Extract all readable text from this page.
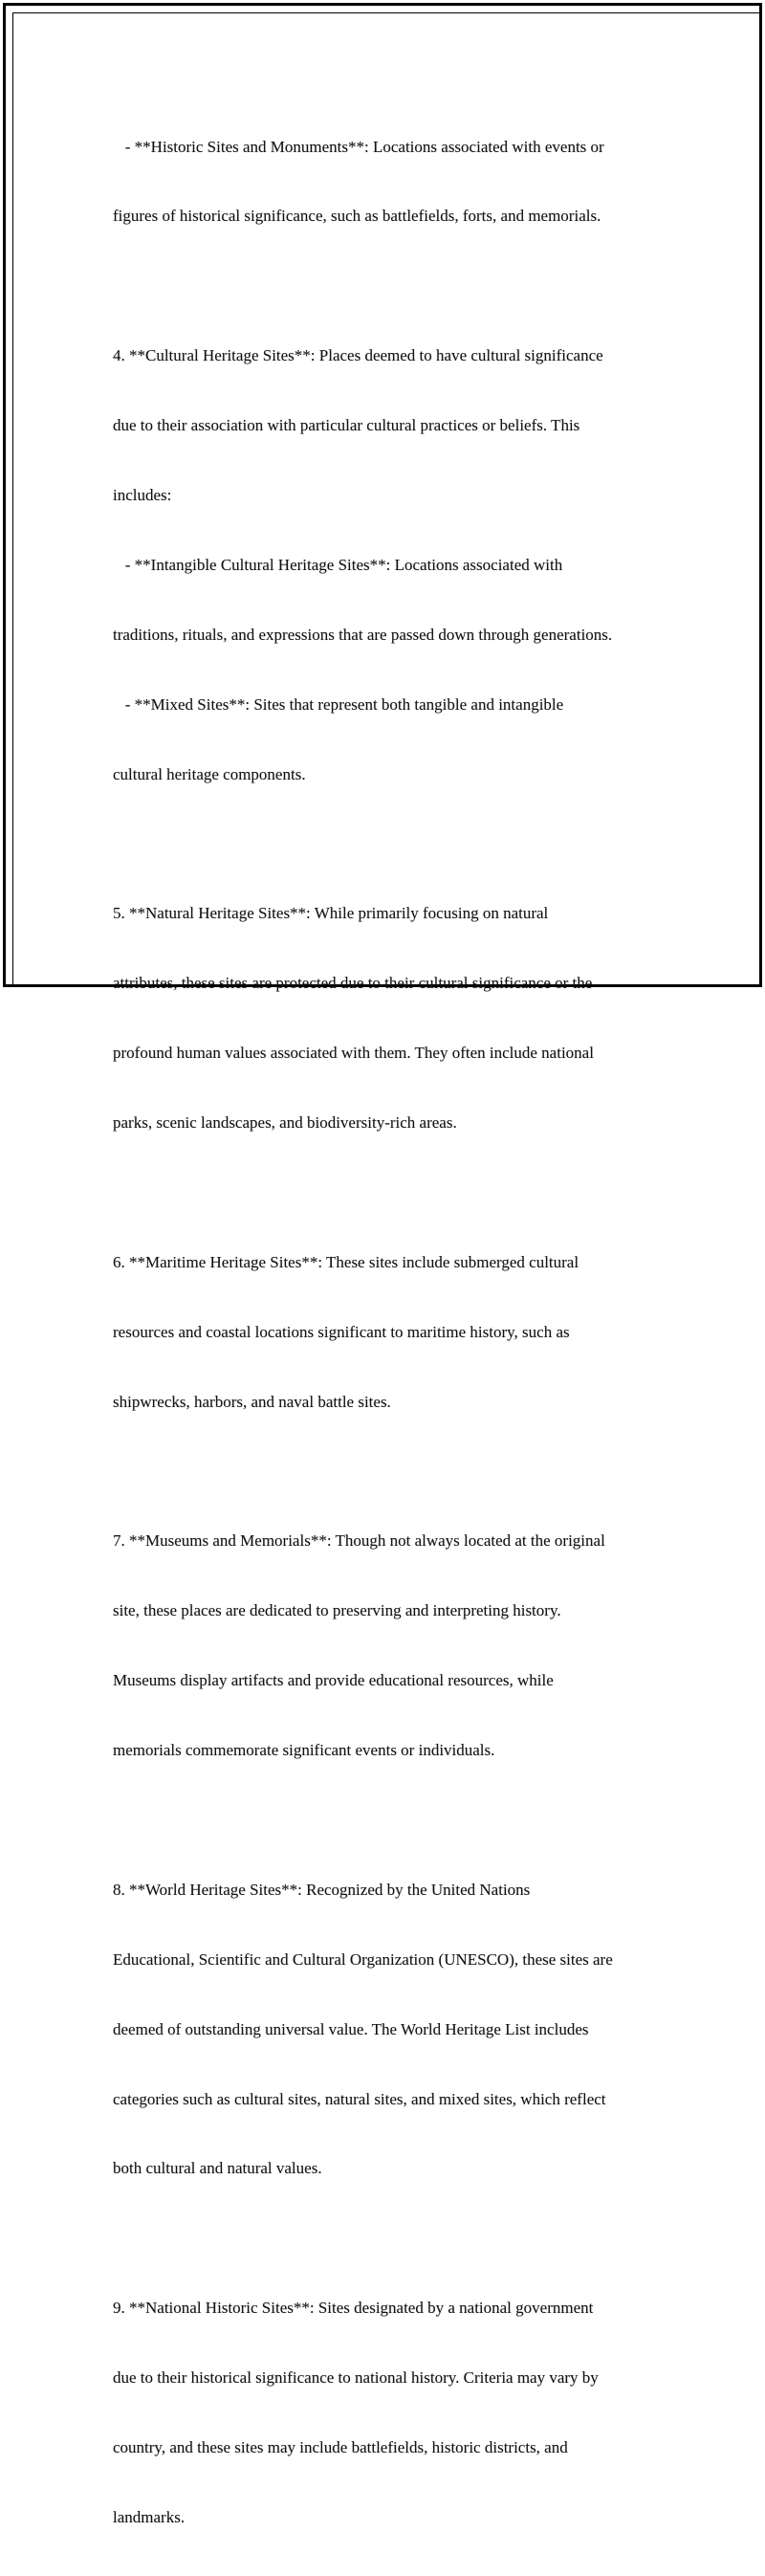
- **Historic Sites and Monuments**: Locations associated with events or

figures of historical significance, such as battlefields, forts, and memorials.

4. **Cultural Heritage Sites**: Places deemed to have cultural significance

due to their association with particular cultural practices or beliefs. This

includes:

- **Intangible Cultural Heritage Sites**: Locations associated with

traditions, rituals, and expressions that are passed down through generations.

- **Mixed Sites**: Sites that represent both tangible and intangible

cultural heritage components.

5. **Natural Heritage Sites**: While primarily focusing on natural

attributes, these sites are protected due to their cultural significance or the

profound human values associated with them. They often include national

parks, scenic landscapes, and biodiversity-rich areas.

6. **Maritime Heritage Sites**: These sites include submerged cultural

resources and coastal locations significant to maritime history, such as

shipwrecks, harbors, and naval battle sites.

7. **Museums and Memorials**: Though not always located at the original

site, these places are dedicated to preserving and interpreting history.

Museums display artifacts and provide educational resources, while

memorials commemorate significant events or individuals.

8. **World Heritage Sites**: Recognized by the United Nations

Educational, Scientific and Cultural Organization (UNESCO), these sites are

deemed of outstanding universal value. The World Heritage List includes

categories such as cultural sites, natural sites, and mixed sites, which reflect

both cultural and natural values.

9. **National Historic Sites**: Sites designated by a national government

due to their historical significance to national history. Criteria may vary by

country, and these sites may include battlefields, historic districts, and

landmarks.
